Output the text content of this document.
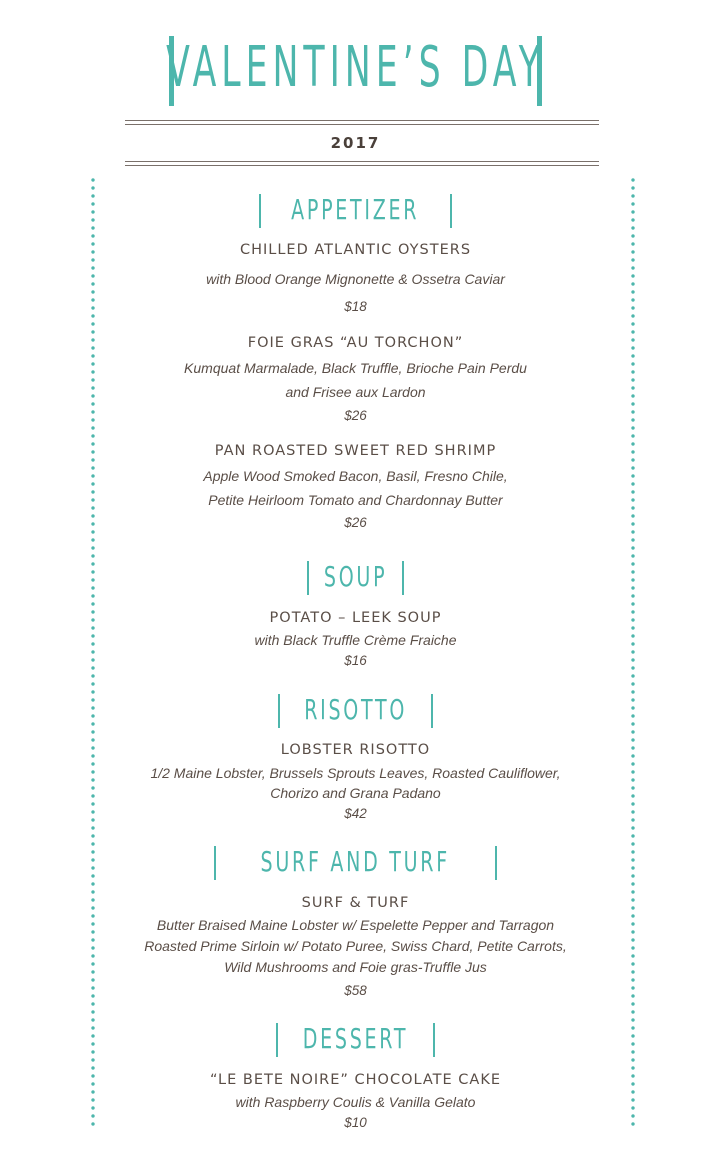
VALENTINE’S DAY
2017
APPETIZER
CHILLED ATLANTIC OYSTERS
with Blood Orange Mignonette & Ossetra Caviar
$18
FOIE GRAS “AU TORCHON”
Kumquat Marmalade, Black Truffle, Brioche Pain Perdu
and Frisee aux Lardon
$26
PAN ROASTED SWEET RED SHRIMP
Apple Wood Smoked Bacon, Basil, Fresno Chile,
Petite Heirloom Tomato and Chardonnay Butter
$26
SOUP
POTATO – LEEK SOUP
with Black Truffle Crème Fraiche
$16
RISOTTO
LOBSTER RISOTTO
1/2 Maine Lobster, Brussels Sprouts Leaves, Roasted Cauliflower,
Chorizo and Grana Padano
$42
SURF AND TURF
SURF & TURF
Butter Braised Maine Lobster w/ Espelette Pepper and Tarragon
Roasted Prime Sirloin w/ Potato Puree, Swiss Chard, Petite Carrots,
Wild Mushrooms and Foie gras-Truffle Jus
$58
DESSERT
“LE BETE NOIRE” CHOCOLATE CAKE
with Raspberry Coulis & Vanilla Gelato
$10
